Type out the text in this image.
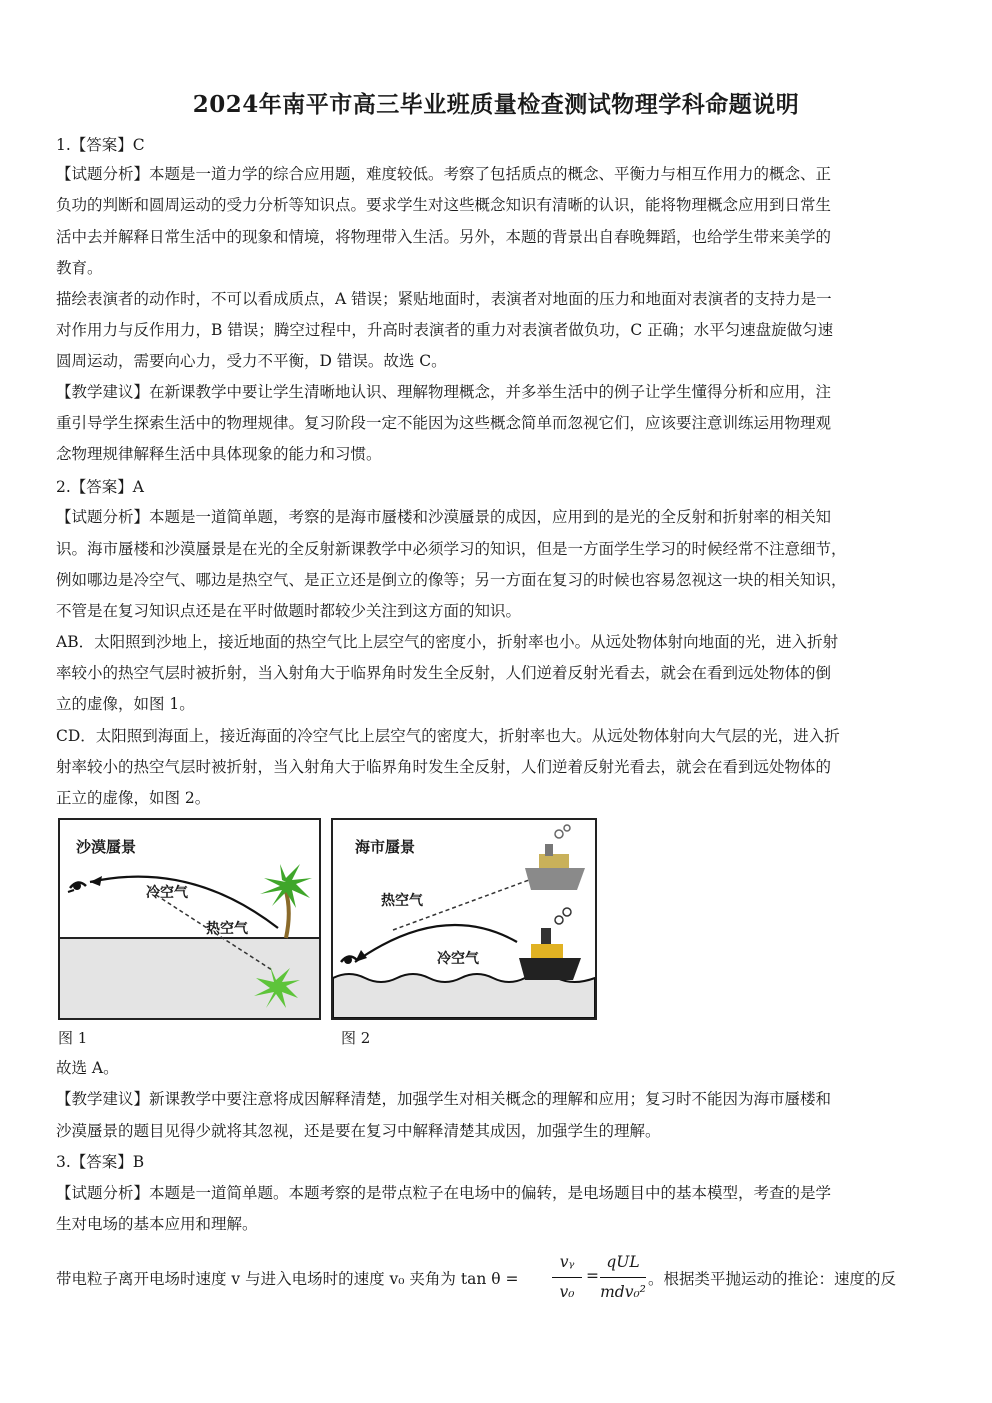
2024年南平市高三毕业班质量检查测试物理学科命题说明
1.【答案】C
【试题分析】本题是一道力学的综合应用题，难度较低。考察了包括质点的概念、平衡力与相互作用力的概念、正
负功的判断和圆周运动的受力分析等知识点。要求学生对这些概念知识有清晰的认识，能将物理概念应用到日常生
活中去并解释日常生活中的现象和情境，将物理带入生活。另外，本题的背景出自春晚舞蹈，也给学生带来美学的
教育。
描绘表演者的动作时，不可以看成质点，A 错误；紧贴地面时，表演者对地面的压力和地面对表演者的支持力是一
对作用力与反作用力，B 错误；腾空过程中，升高时表演者的重力对表演者做负功，C 正确；水平匀速盘旋做匀速
圆周运动，需要向心力，受力不平衡，D 错误。故选 C。
【教学建议】在新课教学中要让学生清晰地认识、理解物理概念，并多举生活中的例子让学生懂得分析和应用，注
重引导学生探索生活中的物理规律。复习阶段一定不能因为这些概念简单而忽视它们，应该要注意训练运用物理观
念物理规律解释生活中具体现象的能力和习惯。
2.【答案】A
【试题分析】本题是一道简单题，考察的是海市蜃楼和沙漠蜃景的成因，应用到的是光的全反射和折射率的相关知
识。海市蜃楼和沙漠蜃景是在光的全反射新课教学中必须学习的知识，但是一方面学生学习的时候经常不注意细节，
例如哪边是冷空气、哪边是热空气、是正立还是倒立的像等；另一方面在复习的时候也容易忽视这一块的相关知识，
不管是在复习知识点还是在平时做题时都较少关注到这方面的知识。
AB．太阳照到沙地上，接近地面的热空气比上层空气的密度小，折射率也小。从远处物体射向地面的光，进入折射
率较小的热空气层时被折射，当入射角大于临界角时发生全反射，人们逆着反射光看去，就会在看到远处物体的倒
立的虚像，如图 1。
CD．太阳照到海面上，接近海面的冷空气比上层空气的密度大，折射率也大。从远处物体射向大气层的光，进入折
射率较小的热空气层时被折射，当入射角大于临界角时发生全反射，人们逆着反射光看去，就会在看到远处物体的
正立的虚像，如图 2。
沙漠蜃景
冷空气
热空气
图 1
海市蜃景
热空气
冷空气
图 2
故选 A。
【教学建议】新课教学中要注意将成因解释清楚，加强学生对相关概念的理解和应用；复习时不能因为海市蜃楼和
沙漠蜃景的题目见得少就将其忽视，还是要在复习中解释清楚其成因，加强学生的理解。
3.【答案】B
【试题分析】本题是一道简单题。本题考察的是带点粒子在电场中的偏转，是电场题目中的基本模型，考查的是学
生对电场的基本应用和理解。
带电粒子离开电场时速度 v 与进入电场时的速度 v₀ 夹角为 tan θ =
vᵧ
v₀
=
qUL
mdv₀²
。根据类平抛运动的推论：速度的反
